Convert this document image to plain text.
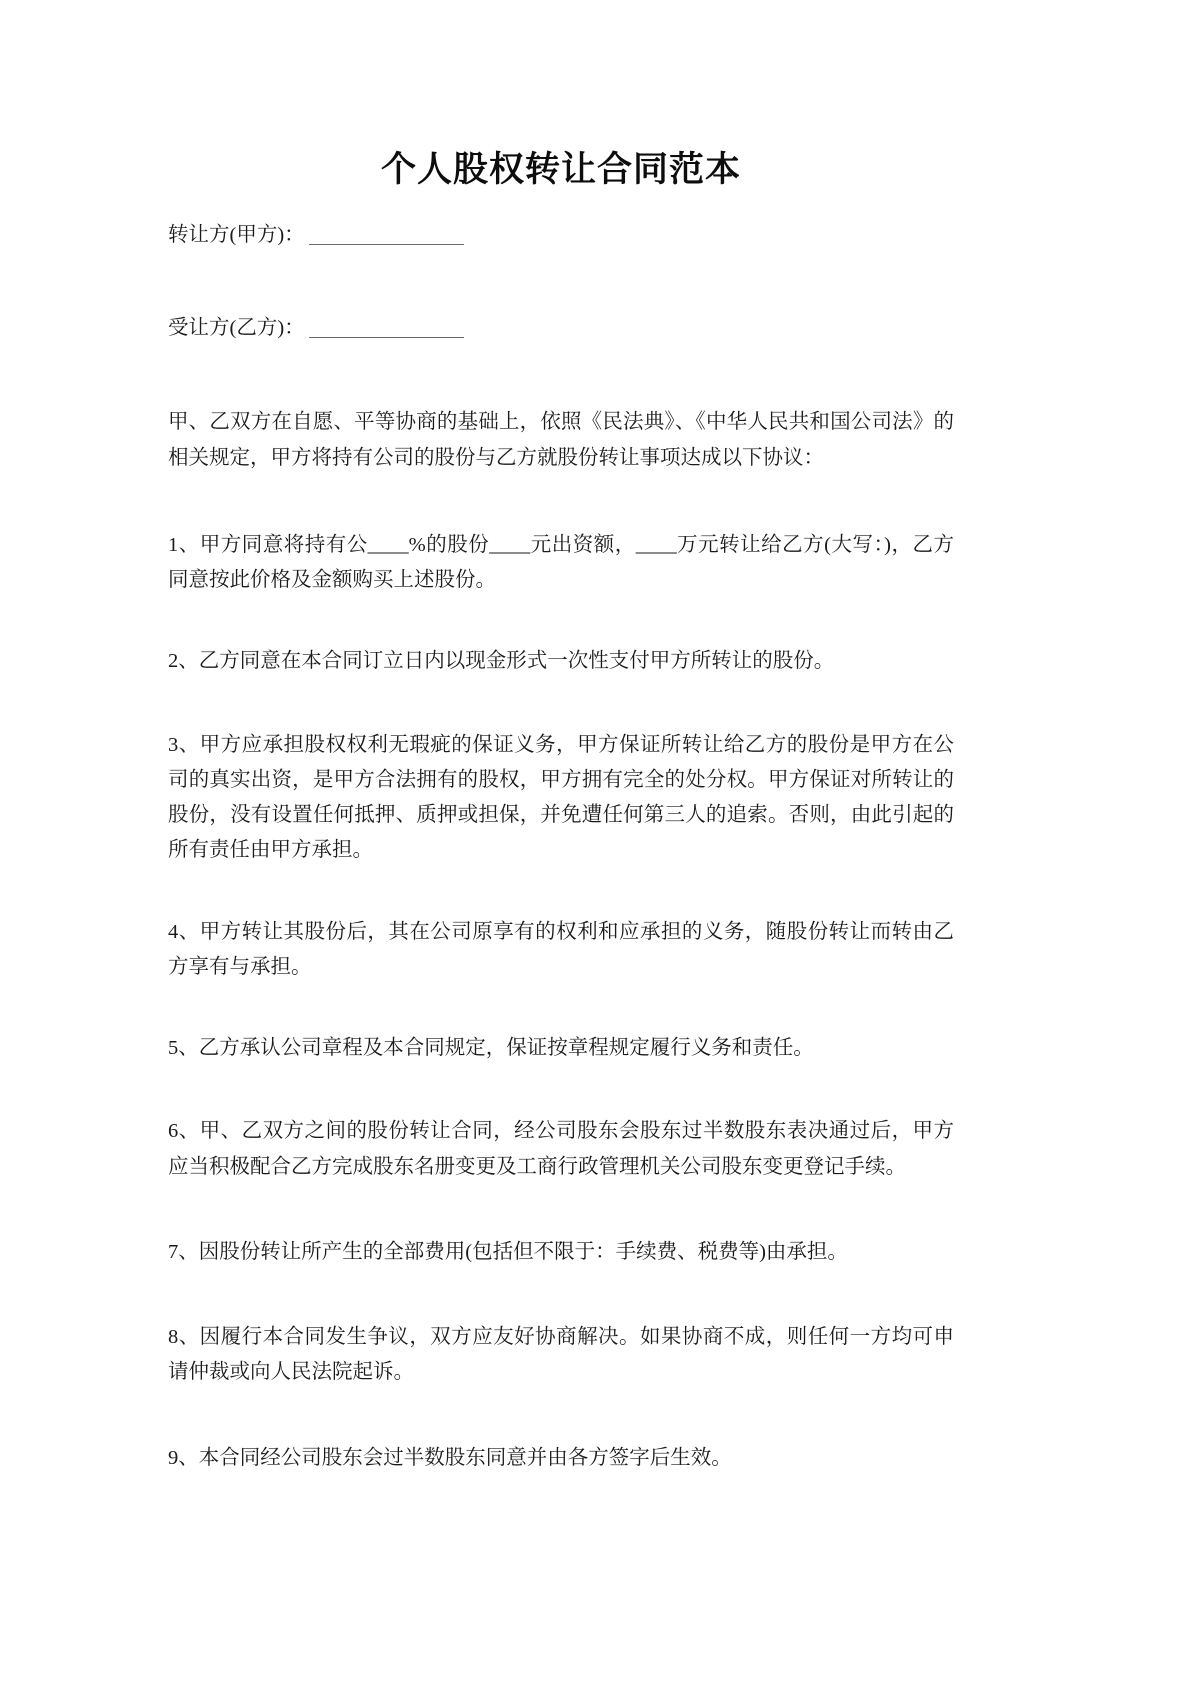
个人股权转让合同范本
转让方(甲方)：
受让方(乙方)：

甲、乙双方在自愿、平等协商的基础上，依照《民法典》、《中华人民共和国公司法》的相关规定，甲方将持有公司的股份与乙方就股份转让事项达成以下协议：

1、甲方同意将持有公____%的股份____元出资额，____万元转让给乙方(大写：)，乙方同意按此价格及金额购买上述股份。
2、乙方同意在本合同订立日内以现金形式一次性支付甲方所转让的股份。
3、甲方应承担股权权利无瑕疵的保证义务，甲方保证所转让给乙方的股份是甲方在公司的真实出资，是甲方合法拥有的股权，甲方拥有完全的处分权。甲方保证对所转让的股份，没有设置任何抵押、质押或担保，并免遭任何第三人的追索。否则，由此引起的所有责任由甲方承担。
4、甲方转让其股份后，其在公司原享有的权利和应承担的义务，随股份转让而转由乙方享有与承担。
5、乙方承认公司章程及本合同规定，保证按章程规定履行义务和责任。
6、甲、乙双方之间的股份转让合同，经公司股东会股东过半数股东表决通过后，甲方应当积极配合乙方完成股东名册变更及工商行政管理机关公司股东变更登记手续。
7、因股份转让所产生的全部费用(包括但不限于：手续费、税费等)由承担。
8、因履行本合同发生争议，双方应友好协商解决。如果协商不成，则任何一方均可申请仲裁或向人民法院起诉。
9、本合同经公司股东会过半数股东同意并由各方签字后生效。
